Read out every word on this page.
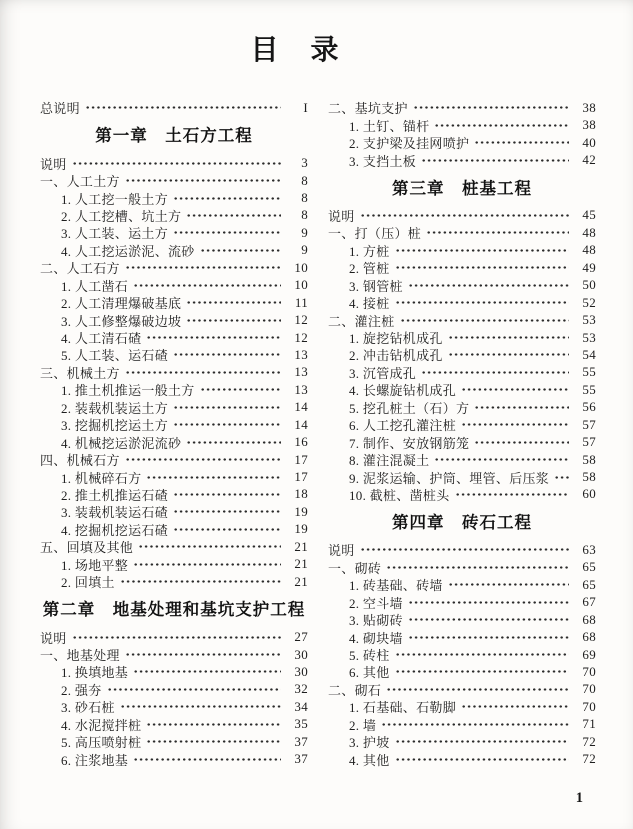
目　录
总说明	I
第一章　土石方工程
说明	3
一、人工土方	8
1. 人工挖一般土方	8
2. 人工挖槽、坑土方	8
3. 人工装、运土方	9
4. 人工挖运淤泥、流砂	9
二、人工石方	10
1. 人工凿石	10
2. 人工清理爆破基底	11
3. 人工修整爆破边坡	12
4. 人工清石碴	12
5. 人工装、运石碴	13
三、机械土方	13
1. 推土机推运一般土方	13
2. 装载机装运土方	14
3. 挖掘机挖运土方	14
4. 机械挖运淤泥流砂	16
四、机械石方	17
1. 机械碎石方	17
2. 推土机推运石碴	18
3. 装载机装运石碴	19
4. 挖掘机挖运石碴	19
五、回填及其他	21
1. 场地平整	21
2. 回填土	21
第二章　地基处理和基坑支护工程
说明	27
一、地基处理	30
1. 换填地基	30
2. 强夯	32
3. 砂石桩	34
4. 水泥搅拌桩	35
5. 高压喷射桩	37
6. 注浆地基	37
二、基坑支护	38
1. 土钉、锚杆	38
2. 支护梁及挂网喷护	40
3. 支挡土板	42
第三章　桩基工程
说明	45
一、打（压）桩	48
1. 方桩	48
2. 管桩	49
3. 钢管桩	50
4. 接桩	52
二、灌注桩	53
1. 旋挖钻机成孔	53
2. 冲击钻机成孔	54
3. 沉管成孔	55
4. 长螺旋钻机成孔	55
5. 挖孔桩土（石）方	56
6. 人工挖孔灌注桩	57
7. 制作、安放钢筋笼	57
8. 灌注混凝土	58
9. 泥浆运输、护筒、埋管、后压浆	58
10. 截桩、凿桩头	60
第四章　砖石工程
说明	63
一、砌砖	65
1. 砖基础、砖墙	65
2. 空斗墙	67
3. 贴砌砖	68
4. 砌块墙	68
5. 砖柱	69
6. 其他	70
二、砌石	70
1. 石基础、石勒脚	70
2. 墙	71
3. 护坡	72
4. 其他	72
1
